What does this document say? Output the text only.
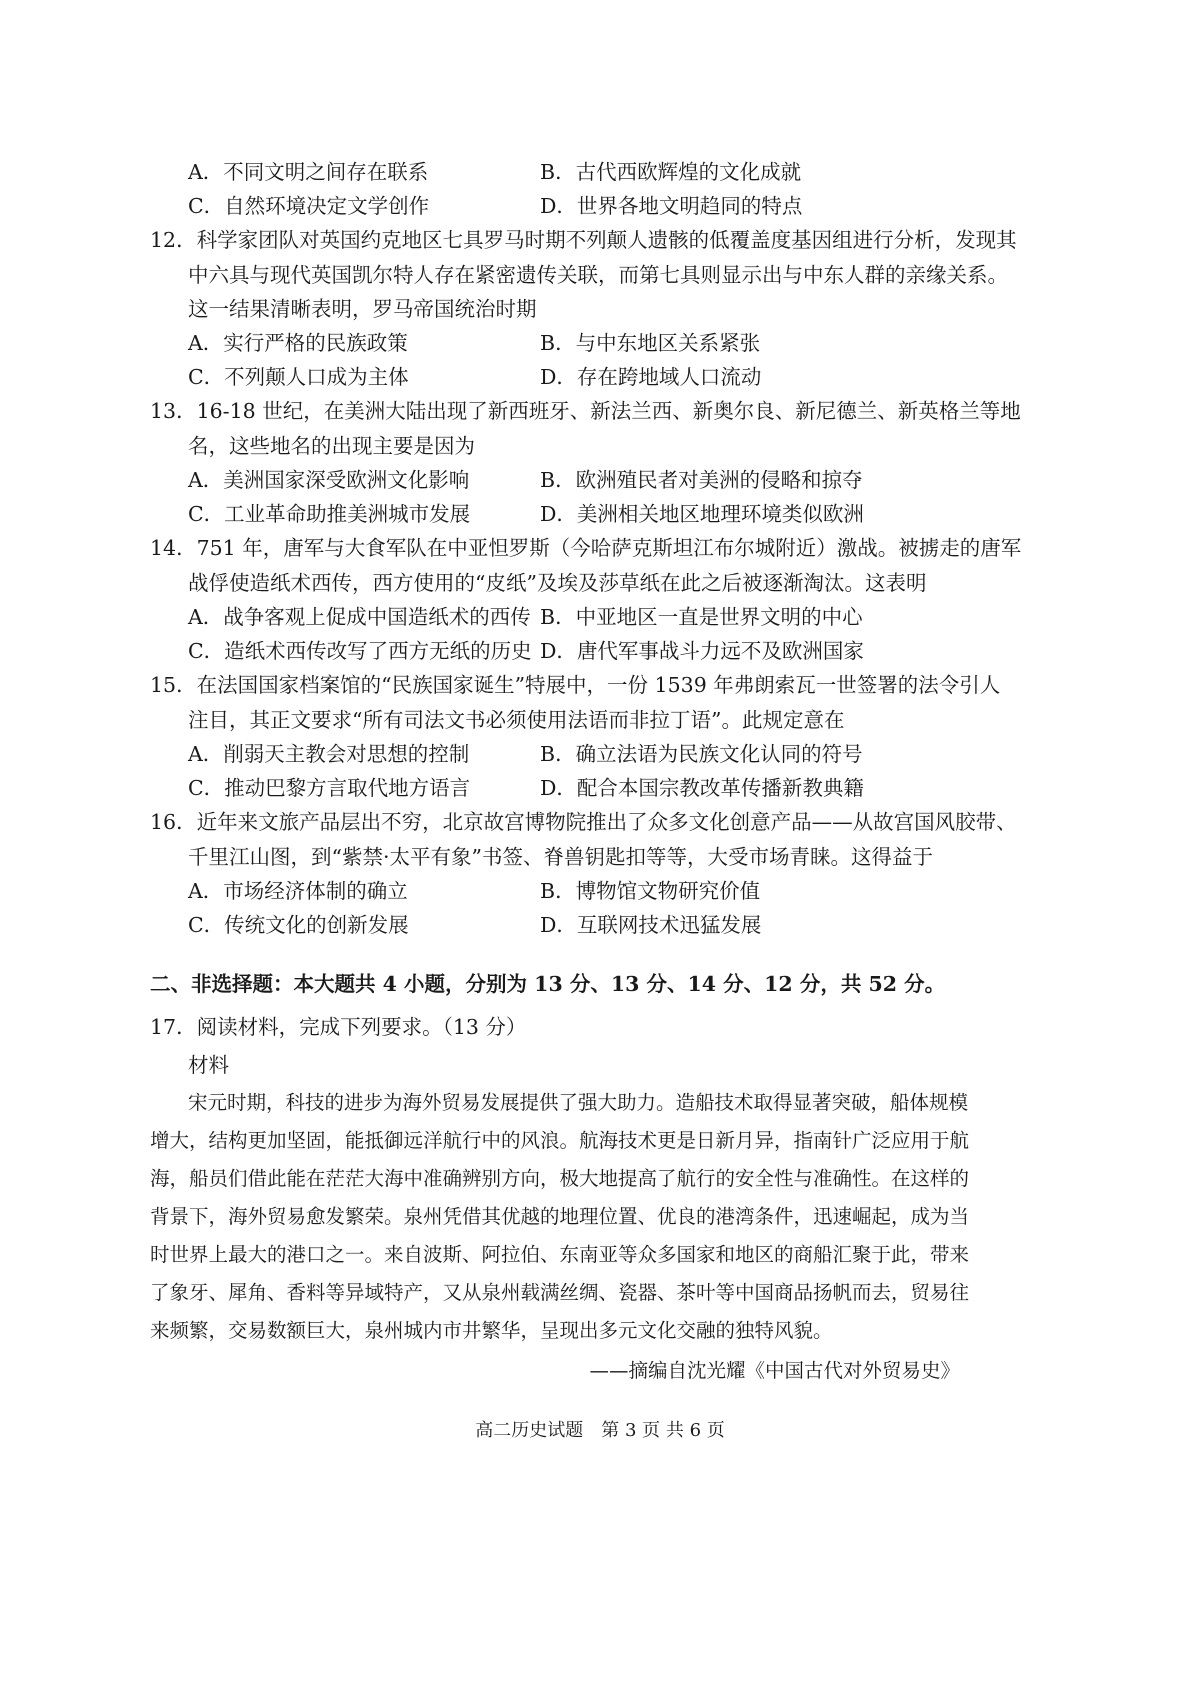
A．不同文明之间存在联系	B．古代西欧辉煌的文化成就
C．自然环境决定文学创作	D．世界各地文明趋同的特点
12．科学家团队对英国约克地区七具罗马时期不列颠人遗骸的低覆盖度基因组进行分析，发现其
中六具与现代英国凯尔特人存在紧密遗传关联，而第七具则显示出与中东人群的亲缘关系。
这一结果清晰表明，罗马帝国统治时期
A．实行严格的民族政策	B．与中东地区关系紧张
C．不列颠人口成为主体	D．存在跨地域人口流动
13．16-18 世纪，在美洲大陆出现了新西班牙、新法兰西、新奥尔良、新尼德兰、新英格兰等地
名，这些地名的出现主要是因为
A．美洲国家深受欧洲文化影响	B．欧洲殖民者对美洲的侵略和掠夺
C．工业革命助推美洲城市发展	D．美洲相关地区地理环境类似欧洲
14．751 年，唐军与大食军队在中亚怛罗斯（今哈萨克斯坦江布尔城附近）激战。被掳走的唐军
战俘使造纸术西传，西方使用的“皮纸”及埃及莎草纸在此之后被逐渐淘汰。这表明
A．战争客观上促成中国造纸术的西传 B．中亚地区一直是世界文明的中心
C．造纸术西传改写了西方无纸的历史 D．唐代军事战斗力远不及欧洲国家
15．在法国国家档案馆的“民族国家诞生”特展中，一份 1539 年弗朗索瓦一世签署的法令引人
注目，其正文要求“所有司法文书必须使用法语而非拉丁语”。此规定意在
A．削弱天主教会对思想的控制	B．确立法语为民族文化认同的符号
C．推动巴黎方言取代地方语言	D．配合本国宗教改革传播新教典籍
16．近年来文旅产品层出不穷，北京故宫博物院推出了众多文化创意产品——从故宫国风胶带、
千里江山图，到“紫禁·太平有象”书签、脊兽钥匙扣等等，大受市场青睐。这得益于
A．市场经济体制的确立	B．博物馆文物研究价值
C．传统文化的创新发展	D．互联网技术迅猛发展
二、非选择题：本大题共 4 小题，分别为 13 分、13 分、14 分、12 分，共 52 分。
17．阅读材料，完成下列要求。（13 分）
材料
宋元时期，科技的进步为海外贸易发展提供了强大助力。造船技术取得显著突破，船体规模
增大，结构更加坚固，能抵御远洋航行中的风浪。航海技术更是日新月异，指南针广泛应用于航
海，船员们借此能在茫茫大海中准确辨别方向，极大地提高了航行的安全性与准确性。在这样的
背景下，海外贸易愈发繁荣。泉州凭借其优越的地理位置、优良的港湾条件，迅速崛起，成为当
时世界上最大的港口之一。来自波斯、阿拉伯、东南亚等众多国家和地区的商船汇聚于此，带来
了象牙、犀角、香料等异域特产，又从泉州载满丝绸、瓷器、茶叶等中国商品扬帆而去，贸易往
来频繁，交易数额巨大，泉州城内市井繁华，呈现出多元文化交融的独特风貌。
——摘编自沈光耀《中国古代对外贸易史》
高二历史试题　第 3 页 共 6 页
